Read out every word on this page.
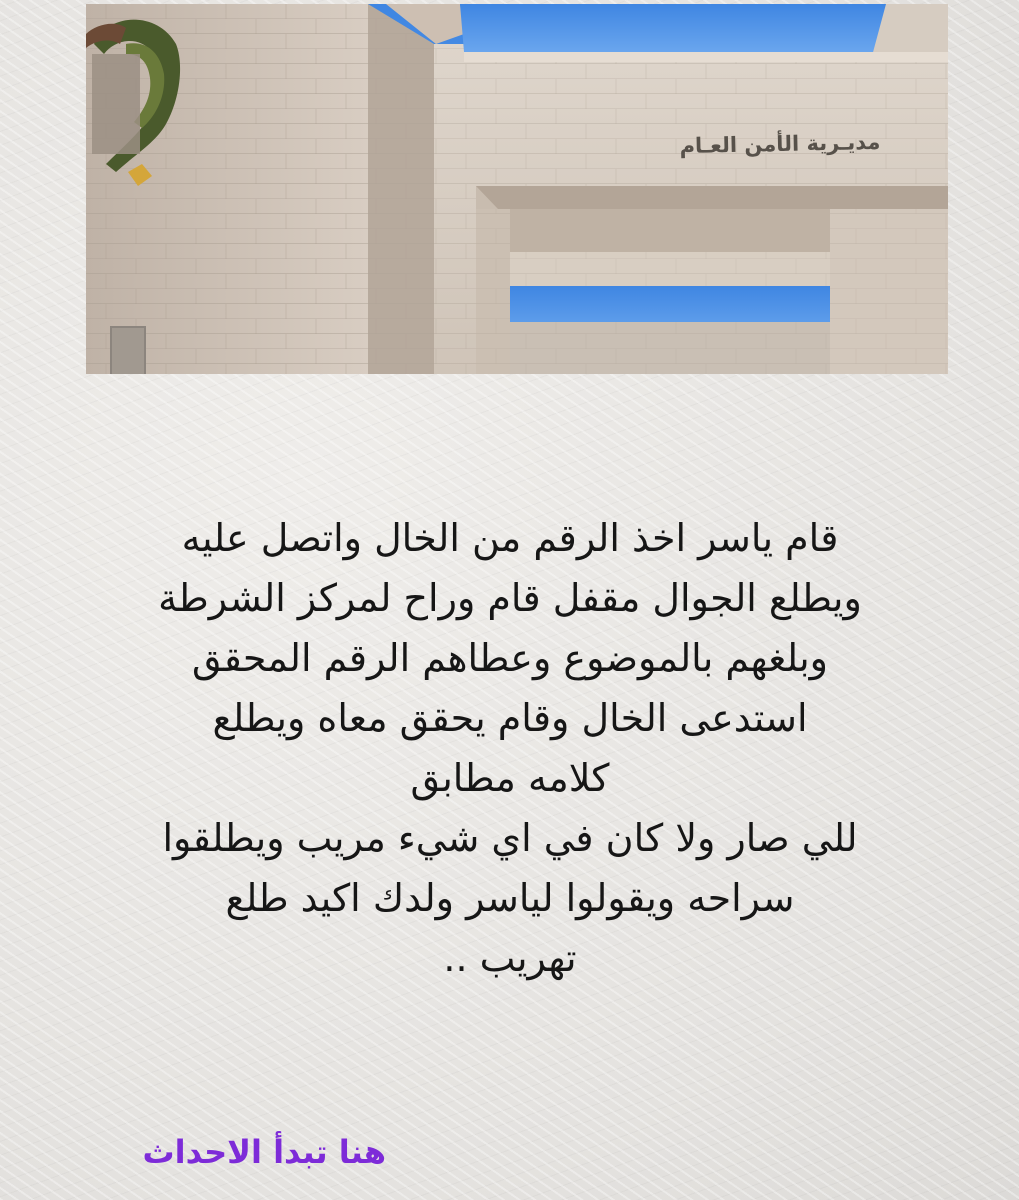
مديـرية الأمن العـام
قام ياسر اخذ الرقم من الخال واتصل عليه
ويطلع الجوال مقفل قام وراح لمركز الشرطة
وبلغهم بالموضوع وعطاهم الرقم المحقق
استدعى الخال وقام يحقق معاه ويطلع
كلامه مطابق
للي صار ولا كان في اي شيء مريب ويطلقوا
سراحه ويقولوا لياسر ولدك اكيد طلع
تهريب ..
هنا تبدأ الاحداث
